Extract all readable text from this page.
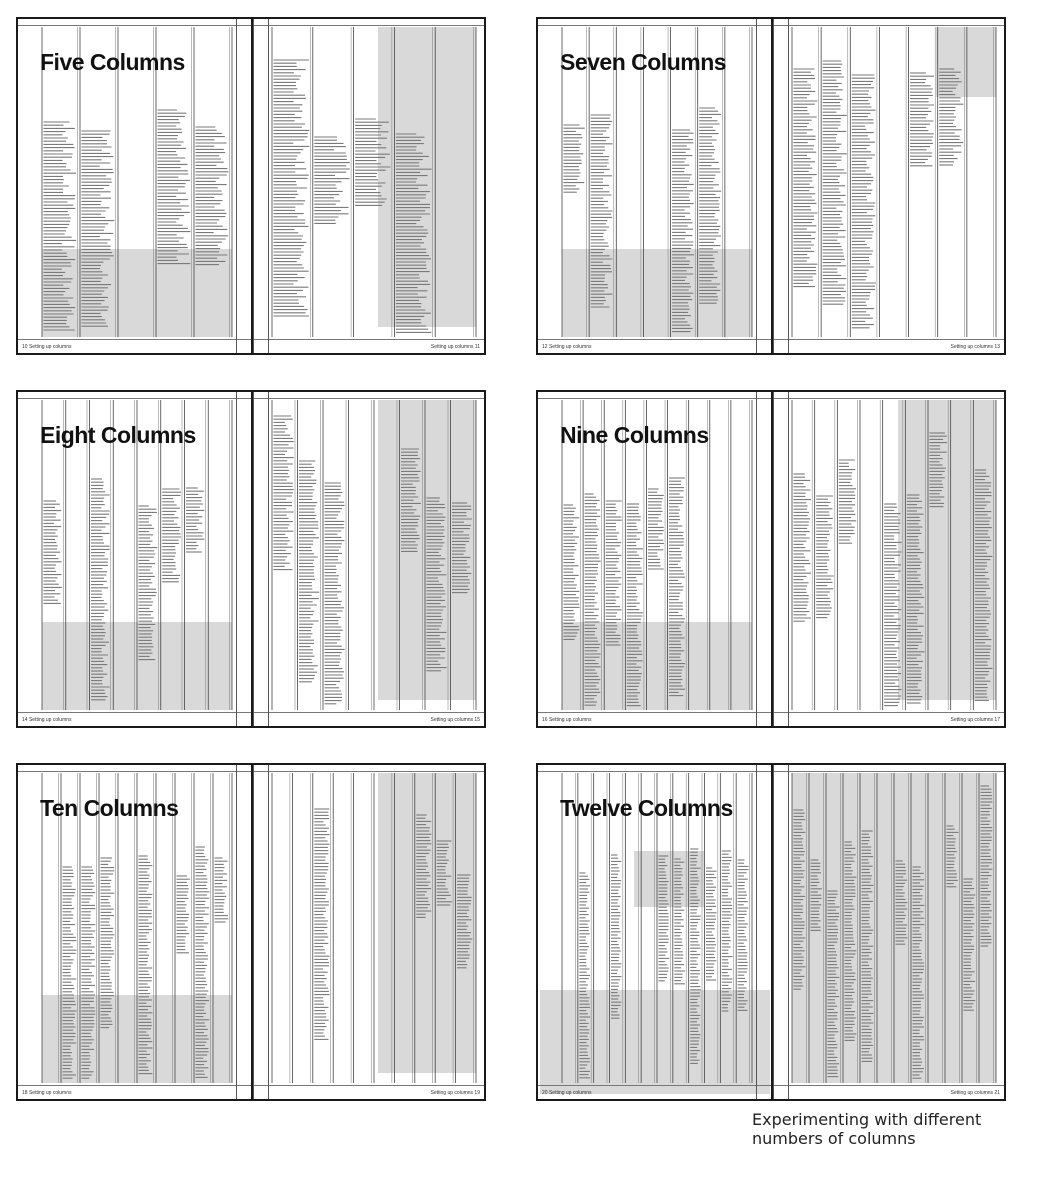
Five Columns
10 Setting up columns	Setting up columns 11
Seven Columns
12 Setting up columns	Setting up columns 13
Eight Columns
14 Setting up columns	Setting up columns 15
Nine Columns
16 Setting up columns	Setting up columns 17
Ten Columns
18 Setting up columns	Setting up columns 19
Twelve Columns
20 Setting up columns	Setting up columns 21
Experimenting with different numbers of columns
